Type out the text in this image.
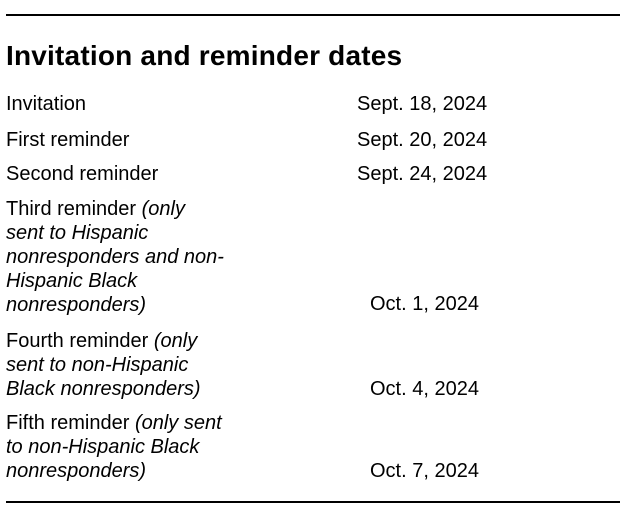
Invitation and reminder dates
Invitation	Sept. 18, 2024
First reminder	Sept. 20, 2024
Second reminder	Sept. 24, 2024
Third reminder (only sent to Hispanic nonresponders and non-Hispanic Black nonresponders)	Oct. 1, 2024
Fourth reminder (only sent to non-Hispanic Black nonresponders)	Oct. 4, 2024
Fifth reminder (only sent to non-Hispanic Black nonresponders)	Oct. 7, 2024
